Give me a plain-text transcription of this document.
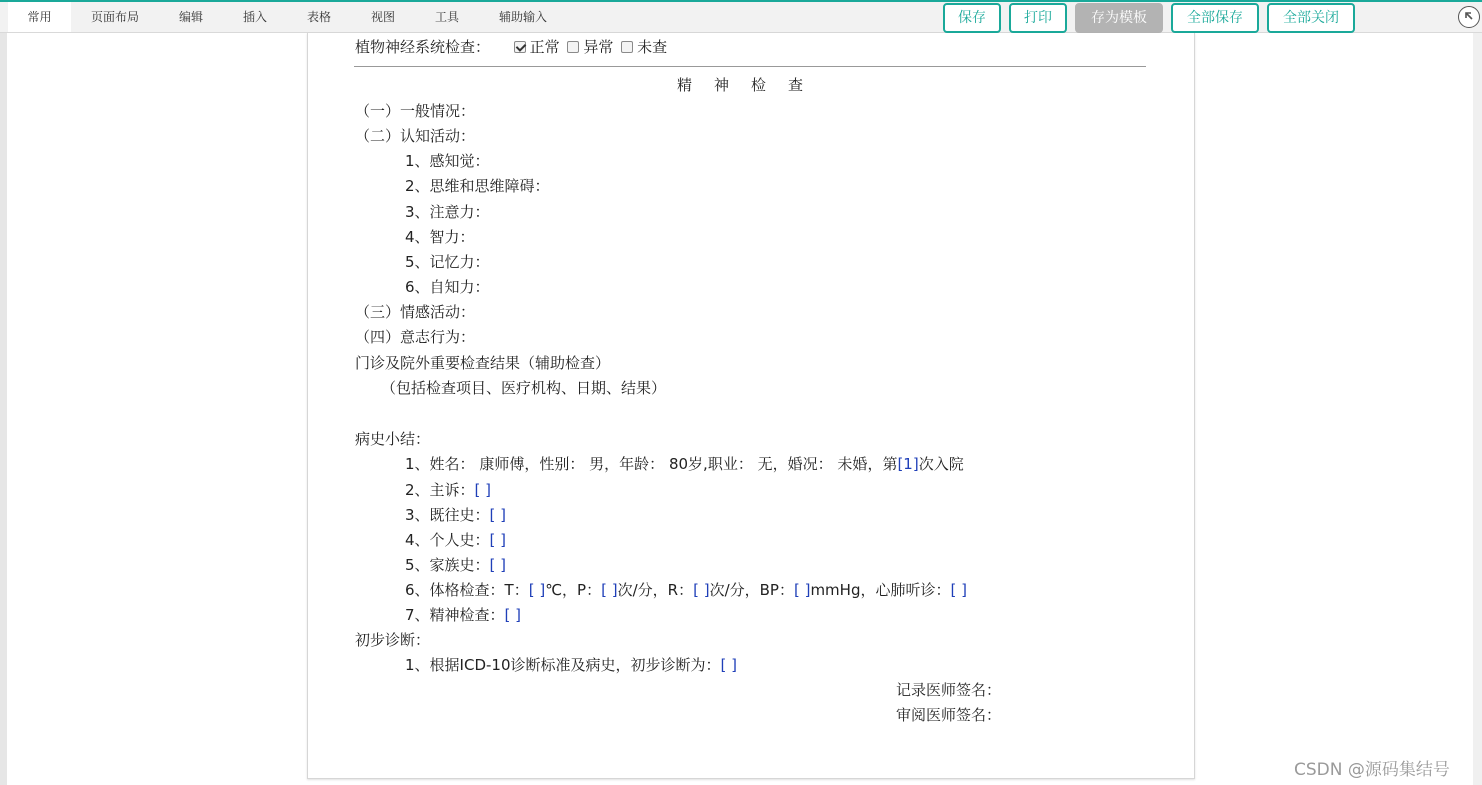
常用	页面布局	编辑	插入	表格	视图	工具	辅助输入	保存	打印	存为模板	全部保存	全部关闭
植物神经系统检查：	正常 异常 未查
精神检查
（一）一般情况：
（二）认知活动：
1、感知觉：
2、思维和思维障碍：
3、注意力：
4、智力：
5、记忆力：
6、自知力：
（三）情感活动：
（四）意志行为：
门诊及院外重要检查结果（辅助检查）
（包括检查项目、医疗机构、日期、结果）
病史小结：
1、姓名： 康师傅，性别： 男，年龄： 80岁,职业： 无，婚况： 未婚，第[1]次入院
2、主诉：[ ]
3、既往史：[ ]
4、个人史：[ ]
5、家族史：[ ]
6、体格检查：T：[ ]℃，P：[ ]次/分，R：[ ]次/分，BP：[ ]mmHg，心肺听诊：[ ]
7、精神检查：[ ]
初步诊断：
1、根据ICD-10诊断标准及病史，初步诊断为：[ ]
记录医师签名：
审阅医师签名：
CSDN @源码集结号
